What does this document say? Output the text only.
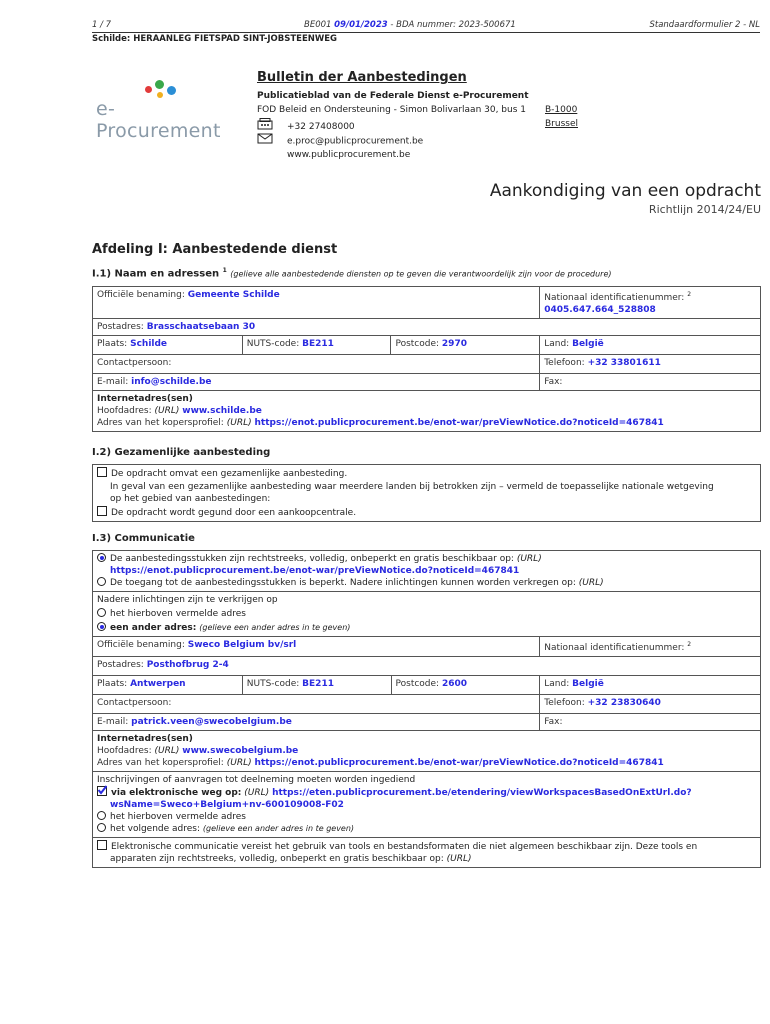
1 / 7	BE001 09/01/2023 - BDA nummer: 2023-500671	Standaardformulier 2 - NL
Schilde: HERAANLEG FIETSPAD SINT-JOBSTEENWEG
e-Procurement
Bulletin der Aanbestedingen
Publicatieblad van de Federale Dienst e-Procurement
FOD Beleid en Ondersteuning - Simon Bolivarlaan 30, bus 1 B-1000 Brussel
+32 27408000
e.proc@publicprocurement.be
www.publicprocurement.be
Aankondiging van een opdracht
Richtlijn 2014/24/EU
Afdeling I: Aanbestedende dienst
I.1) Naam en adressen $^1$ (gelieve alle aanbestedende diensten op te geven die verantwoordelijk zijn voor de procedure)
Officiële benaming: Gemeente Schilde			Nationaal identificatienummer: $^2$ 0405.647.664_528808
Postadres: Brasschaatsebaan 30			
Plaats: Schilde	NUTS-code: BE211	Postcode: 2970	Land: België
Contactpersoon:			Telefoon: +32 33801611
E-mail: info@schilde.be			Fax:

Internetadres(sen)
Hoofdadres: (URL) www.schilde.be
Adres van het kopersprofiel: (URL) https://enot.publicprocurement.be/enot-war/preViewNotice.do?noticeId=467841			
I.2) Gezamenlijke aanbesteding
De opdracht omvat een gezamenlijke aanbesteding.
In geval van een gezamenlijke aanbesteding waar meerdere landen bij betrokken zijn – vermeld de toepasselijke nationale wetgeving
op het gebied van aanbestedingen:
De opdracht wordt gegund door een aankoopcentrale.
I.3) Communicatie
De aanbestedingsstukken zijn rechtstreeks, volledig, onbeperkt en gratis beschikbaar op: (URL)
https://enot.publicprocurement.be/enot-war/preViewNotice.do?noticeId=467841
De toegang tot de aanbestedingsstukken is beperkt. Nadere inlichtingen kunnen worden verkregen op: (URL)			

Nadere inlichtingen zijn te verkrijgen op
het hierboven vermelde adres
een ander adres: (gelieve een ander adres in te geven)			

Officiële benaming: Sweco Belgium bv/srl			Nationaal identificatienummer: $^2$
Postadres: Posthofbrug 2-4			
Plaats: Antwerpen	NUTS-code: BE211	Postcode: 2600	Land: België
Contactpersoon:			Telefoon: +32 23830640
E-mail: patrick.veen@swecobelgium.be			Fax:

Internetadres(sen)
Hoofdadres: (URL) www.swecobelgium.be
Adres van het kopersprofiel: (URL) https://enot.publicprocurement.be/enot-war/preViewNotice.do?noticeId=467841			

Inschrijvingen of aanvragen tot deelneming moeten worden ingediend
via elektronische weg op: (URL) https://eten.publicprocurement.be/etendering/viewWorkspacesBasedOnExtUrl.do?
wsName=Sweco+Belgium+nv-600109008-F02
het hierboven vermelde adres
het volgende adres: (gelieve een ander adres in te geven)			

Elektronische communicatie vereist het gebruik van tools en bestandsformaten die niet algemeen beschikbaar zijn. Deze tools en
apparaten zijn rechtstreeks, volledig, onbeperkt en gratis beschikbaar op: (URL)			
